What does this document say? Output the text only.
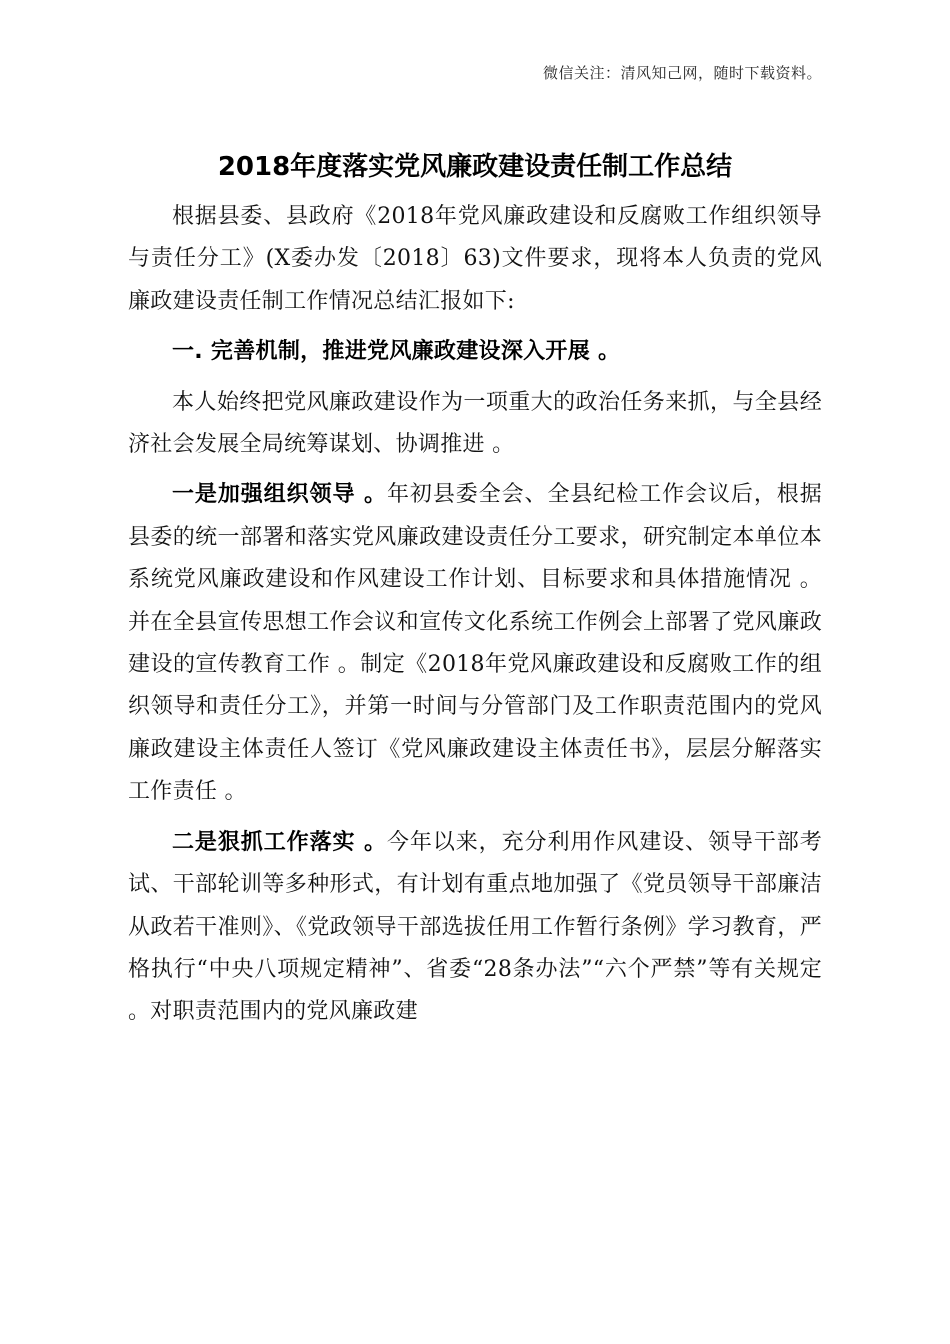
微信关注：清风知己网，随时下载资料。
2018年度落实党风廉政建设责任制工作总结

根据县委、县政府《2018年党风廉政建设和反腐败工作组织领导与责任分工》(X委办发〔2018〕63)文件要求，现将本人负责的党风廉政建设责任制工作情况总结汇报如下:

一. 完善机制，推进党风廉政建设深入开展 。

本人始终把党风廉政建设作为一项重大的政治任务来抓，与全县经济社会发展全局统筹谋划、协调推进 。

一是加强组织领导 。年初县委全会、全县纪检工作会议后，根据县委的统一部署和落实党风廉政建设责任分工要求，研究制定本单位本系统党风廉政建设和作风建设工作计划、目标要求和具体措施情况 。并在全县宣传思想工作会议和宣传文化系统工作例会上部署了党风廉政建设的宣传教育工作 。制定《2018年党风廉政建设和反腐败工作的组织领导和责任分工》，并第一时间与分管部门及工作职责范围内的党风廉政建设主体责任人签订《党风廉政建设主体责任书》，层层分解落实工作责任 。

二是狠抓工作落实 。今年以来，充分利用作风建设、领导干部考试、干部轮训等多种形式，有计划有重点地加强了《党员领导干部廉洁从政若干准则》、《党政领导干部选拔任用工作暂行条例》学习教育，严格执行“中央八项规定精神”、省委“28条办法”“六个严禁”等有关规定 。对职责范围内的党风廉政建
